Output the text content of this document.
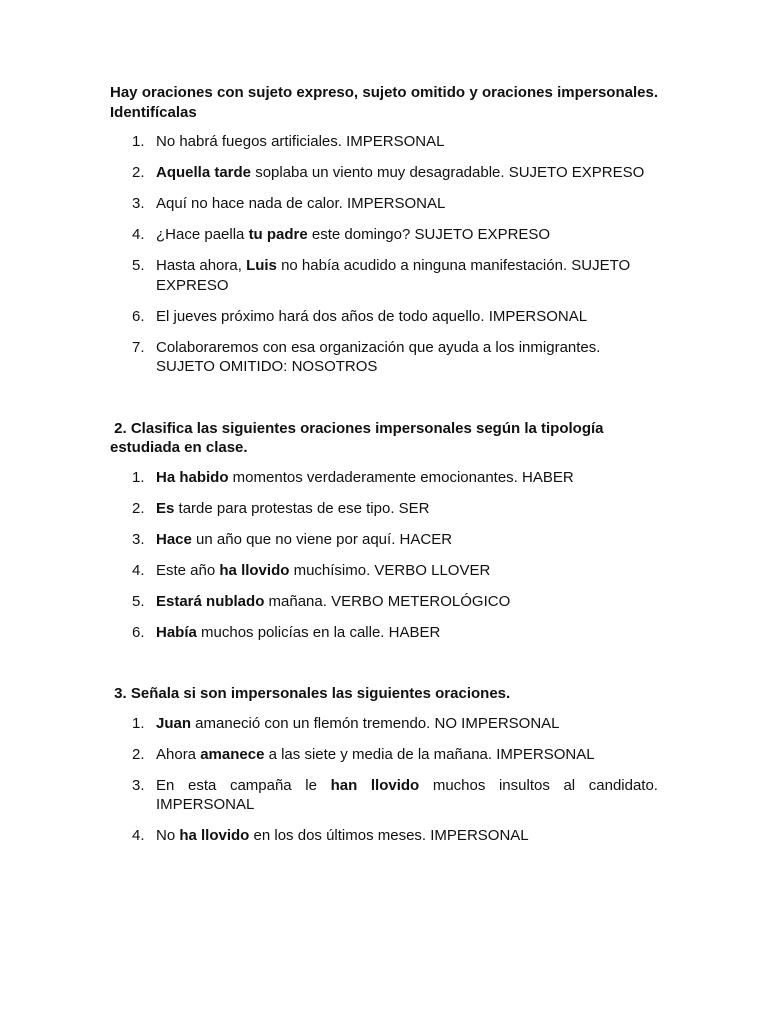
Hay oraciones con sujeto expreso, sujeto omitido y oraciones impersonales. Identifícalas

1. No habrá fuegos artificiales. IMPERSONAL
2. Aquella tarde soplaba un viento muy desagradable. SUJETO EXPRESO
3. Aquí no hace nada de calor. IMPERSONAL
4. ¿Hace paella tu padre este domingo? SUJETO EXPRESO
5. Hasta ahora, Luis no había acudido a ninguna manifestación. SUJETO EXPRESO
6. El jueves próximo hará dos años de todo aquello. IMPERSONAL
7. Colaboraremos con esa organización que ayuda a los inmigrantes. SUJETO OMITIDO: NOSOTROS

2. Clasifica las siguientes oraciones impersonales según la tipología estudiada en clase.

1. Ha habido momentos verdaderamente emocionantes. HABER
2. Es tarde para protestas de ese tipo. SER
3. Hace un año que no viene por aquí. HACER
4. Este año ha llovido muchísimo. VERBO LLOVER
5. Estará nublado mañana. VERBO METEROLÓGICO
6. Había muchos policías en la calle. HABER

3. Señala si son impersonales las siguientes oraciones.

1. Juan amaneció con un flemón tremendo. NO IMPERSONAL
2. Ahora amanece a las siete y media de la mañana. IMPERSONAL
3. En esta campaña le han llovido muchos insultos al candidato. IMPERSONAL
4. No ha llovido en los dos últimos meses. IMPERSONAL
